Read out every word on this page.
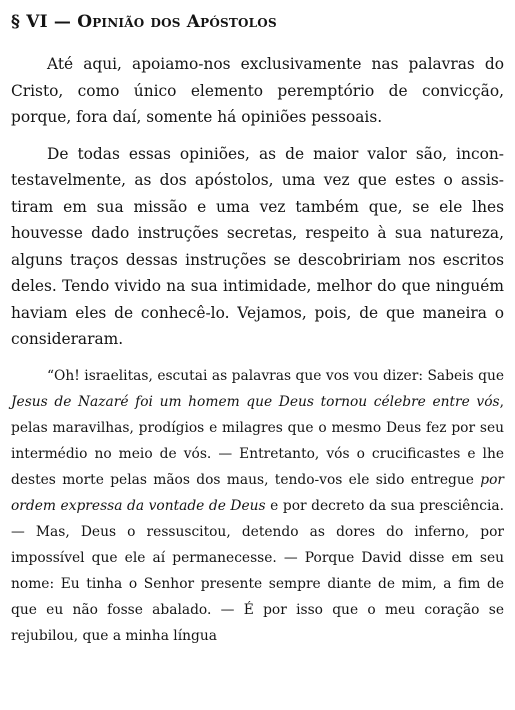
§ VI — Opinião dos Apóstolos

Até aqui, apoiamo-nos exclusivamente nas palavras do Cristo, como único elemento peremptório de convicção, porque, fora daí, somente há opiniões pessoais.

De todas essas opiniões, as de maior valor são, incontestavelmente, as dos apóstolos, uma vez que estes o assistiram em sua missão e uma vez também que, se ele lhes houvesse dado instruções secretas, respeito à sua natureza, alguns traços dessas instruções se descobririam nos escritos deles. Tendo vivido na sua intimidade, melhor do que ninguém haviam eles de conhecê-lo. Vejamos, pois, de que maneira o consideraram.

“Oh! israelitas, escutai as palavras que vos vou dizer: Sabeis que Jesus de Nazaré foi um homem que Deus tornou célebre entre vós, pelas maravilhas, prodígios e milagres que o mesmo Deus fez por seu intermédio no meio de vós. — Entretanto, vós o crucificastes e lhe destes morte pelas mãos dos maus, tendo-vos ele sido entregue por ordem expressa da vontade de Deus e por decreto da sua presciência. — Mas, Deus o ressuscitou, detendo as dores do inferno, por impossível que ele aí permanecesse. — Porque David disse em seu nome: Eu tinha o Senhor presente sempre diante de mim, a fim de que eu não fosse abalado. — É por isso que o meu coração se rejubilou, que a minha língua
